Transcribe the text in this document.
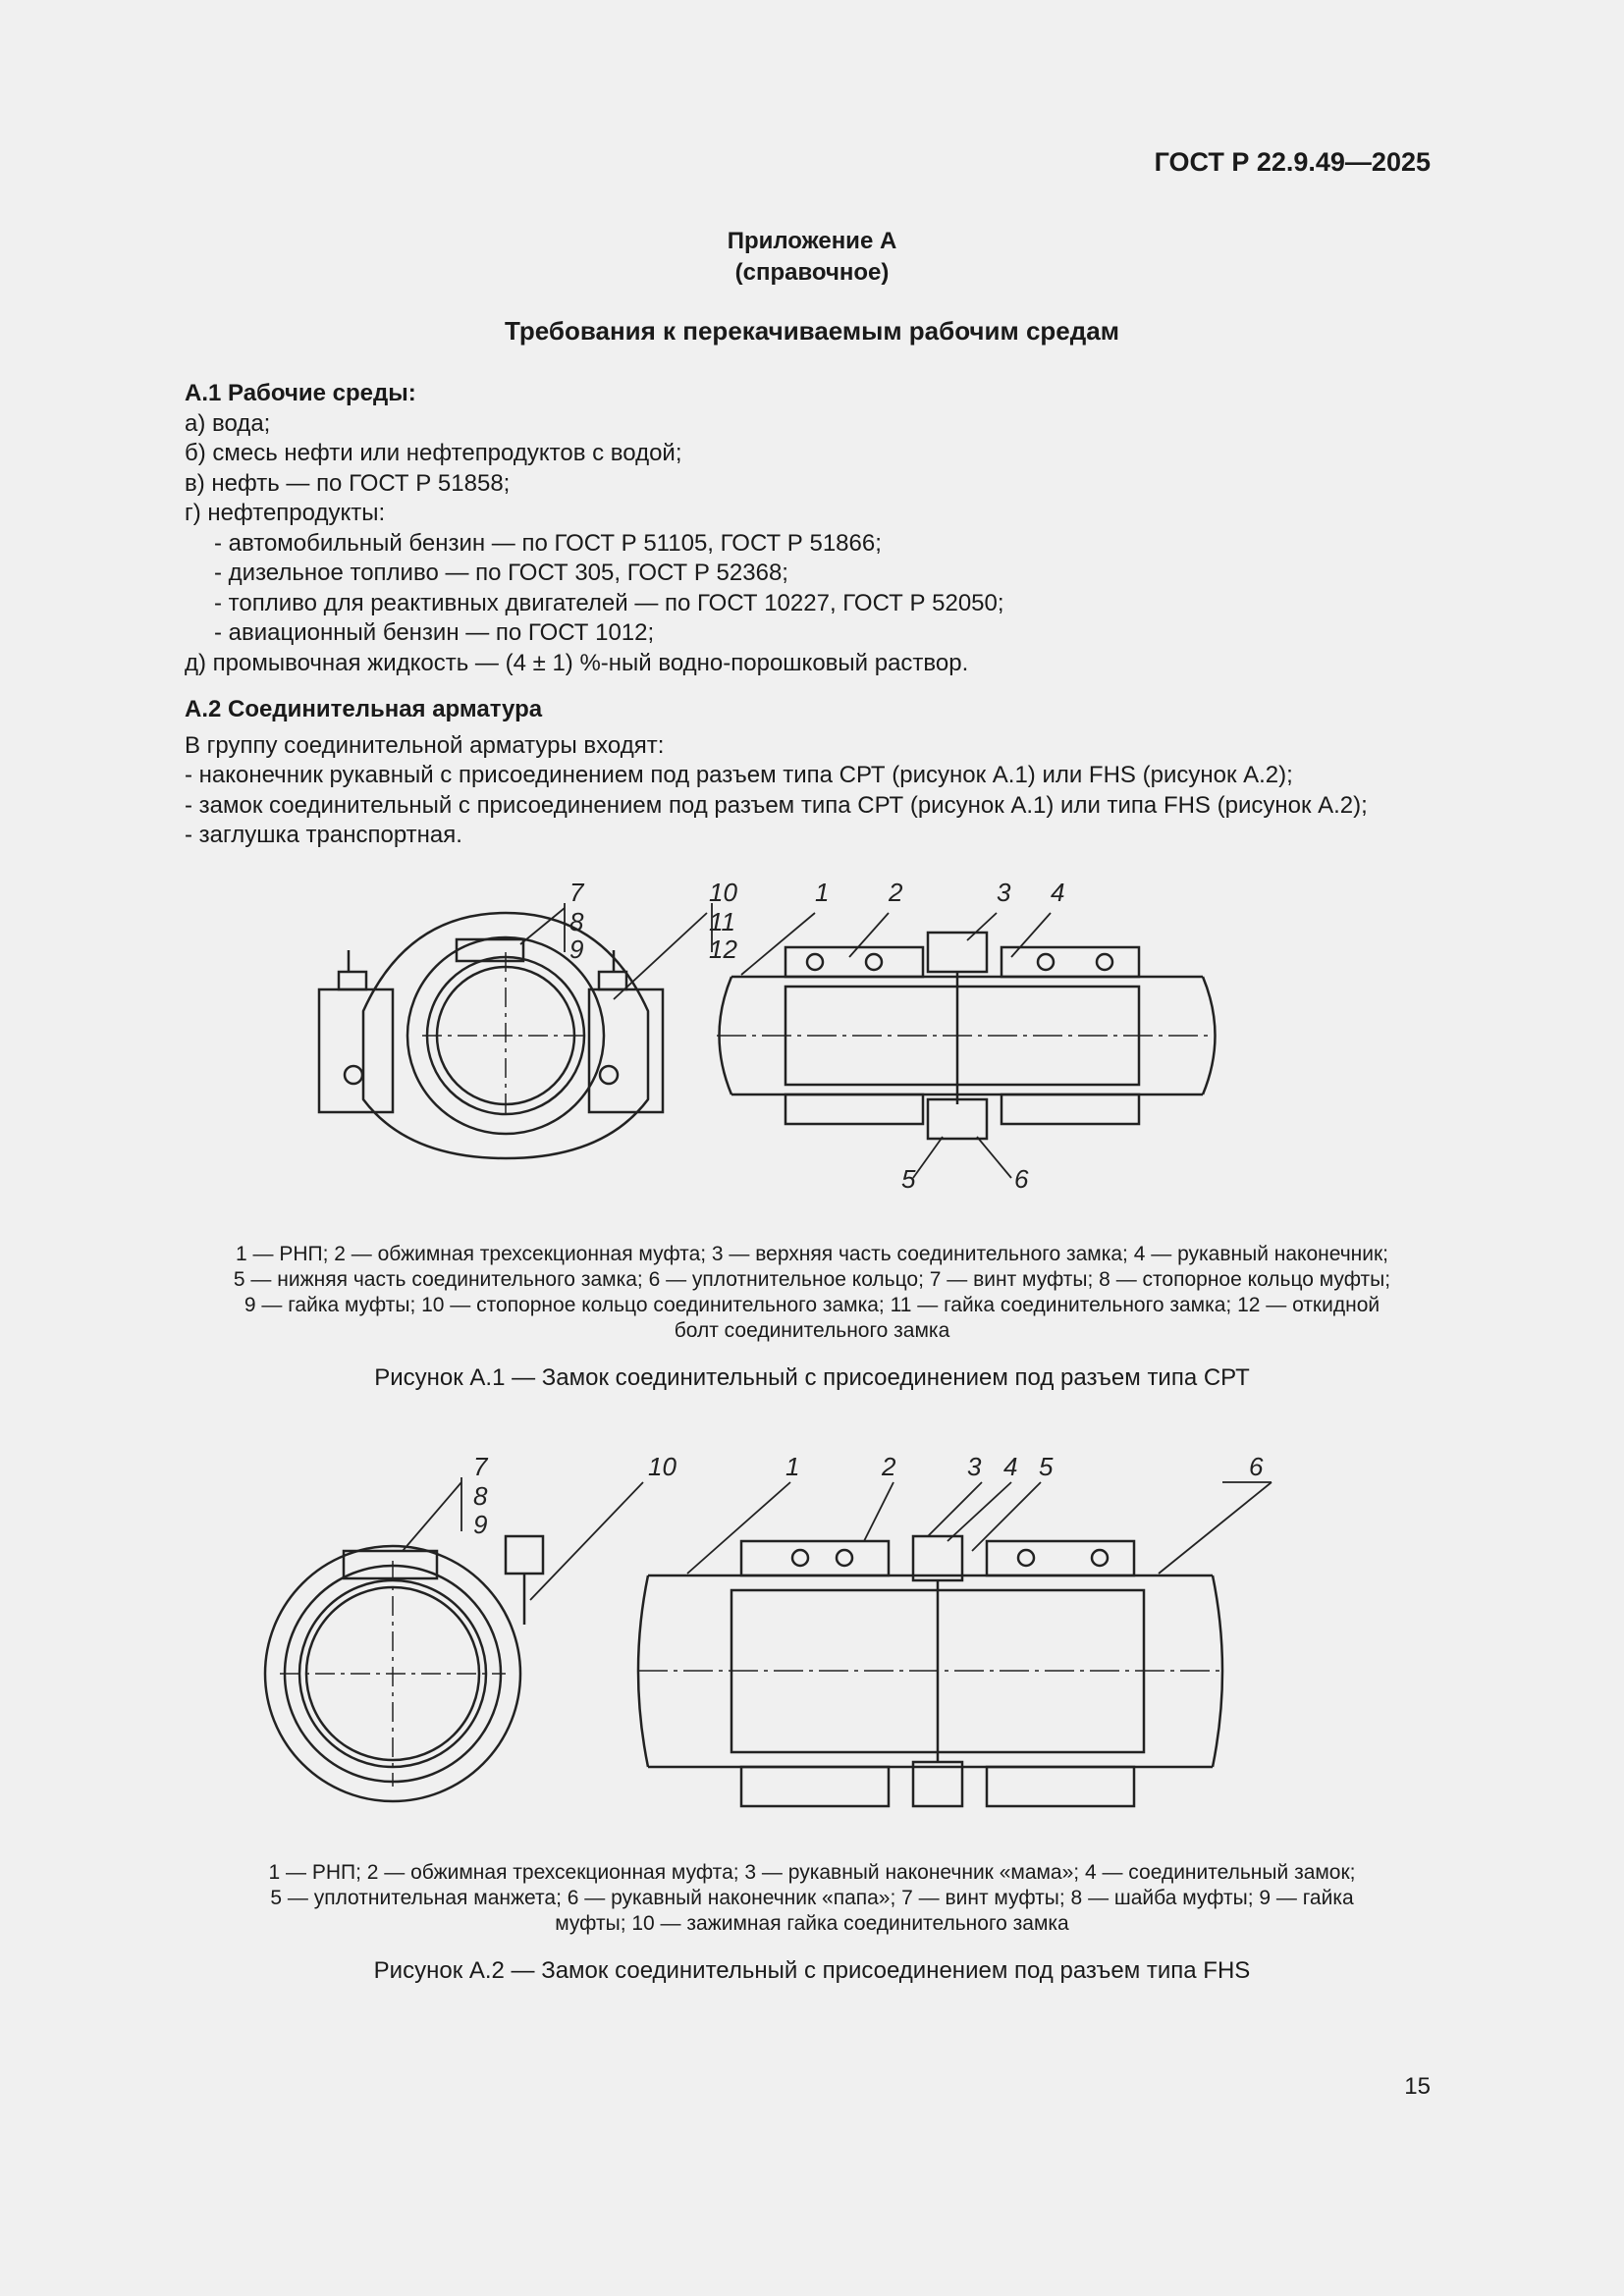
ГОСТ Р 22.9.49—2025
Приложение А
(справочное)
Требования к перекачиваемым рабочим средам
А.1 Рабочие среды:
а) вода;
б) смесь нефти или нефтепродуктов с водой;
в) нефть — по ГОСТ Р 51858;
г) нефтепродукты:
- автомобильный бензин — по ГОСТ Р 51105, ГОСТ Р 51866;
- дизельное топливо — по ГОСТ 305, ГОСТ Р 52368;
- топливо для реактивных двигателей — по ГОСТ 10227, ГОСТ Р 52050;
- авиационный бензин — по ГОСТ 1012;
д) промывочная жидкость — (4 ± 1) %-ный водно-порошковый раствор.
А.2 Соединительная арматура
В группу соединительной арматуры входят:
- наконечник рукавный с присоединением под разъем типа СРТ (рисунок А.1) или FHS (рисунок А.2);
- замок соединительный с присоединением под разъем типа СРТ (рисунок А.1) или типа FHS (рисунок А.2);
- заглушка транспортная.
7
8
9
10
11
12
1 2	3 4
5	6
1 — РНП; 2 — обжимная трехсекционная муфта; 3 — верхняя часть соединительного замка; 4 — рукавный наконечник;
5 — нижняя часть соединительного замка; 6 — уплотнительное кольцо; 7 — винт муфты; 8 — стопорное кольцо муфты;
9 — гайка муфты; 10 — стопорное кольцо соединительного замка; 11 — гайка соединительного замка; 12 — откидной
болт соединительного замка
Рисунок А.1 — Замок соединительный с присоединением под разъем типа СРТ
7
8
9
10	1	2	3 4 5	6
1 — РНП; 2 — обжимная трехсекционная муфта; 3 — рукавный наконечник «мама»; 4 — соединительный замок;
5 — уплотнительная манжета; 6 — рукавный наконечник «папа»; 7 — винт муфты; 8 — шайба муфты; 9 — гайка
муфты; 10 — зажимная гайка соединительного замка
Рисунок А.2 — Замок соединительный с присоединением под разъем типа FHS
15
